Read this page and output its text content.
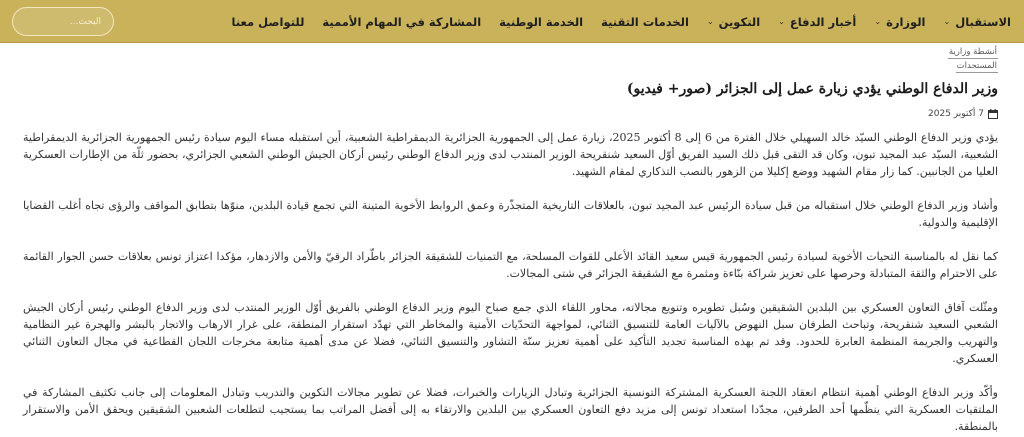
الاستقبال
⌄
الوزارة
⌄
أخبار الدفاع
⌄
التكوين
⌄
الخدمات التقنية
الخدمة الوطنية
المشاركة في المهام الأممية
للتواصل معنا
البحث...
أنشطة وزارية
المستجدات
وزير الدفاع الوطني يؤدي زيارة عمل إلى الجزائر (صور+ فيديو)
7 أكتوبر 2025

يؤدي وزير الدفاع الوطني السيّد خالد السهيلي خلال الفترة من 6 إلى 8 أكتوبر 2025، زيارة عمل إلى الجمهورية الجزائرية الديمقراطية الشعبية، أين استقبله مساء اليوم سيادة رئيس الجمهورية الجزائرية الديمقراطية الشعبية، السيّد عبد المجيد تبون، وكان قد التقى قبل ذلك السيد الفريق أوّل السعيد شنقريحة الوزير المنتدب لدى وزير الدفاع الوطني رئيس أركان الجيش الوطني الشعبي الجزائري، بحضور ثلّة من الإطارات العسكرية العليا من الجانبين. كما زار مقام الشهيد ووضع إكليلا من الزهور بالنصب التذكاري لمقام الشهيد.

وأشاد وزير الدفاع الوطني خلال استقباله من قبل سيادة الرئيس عبد المجيد تبون، بالعلاقات التاريخية المتجذّرة وعمق الروابط الأخوية المتينة التي تجمع قيادة البلدين، منوّها بتطابق المواقف والرؤى تجاه أغلب القضايا الإقليمية والدولية.

كما نقل له بالمناسبة التحيات الأخوية لسيادة رئيس الجمهورية قيس سعيد القائد الأعلى للقوات المسلحة، مع التمنيات للشقيقة الجزائر باطّراد الرقيّ والأمن والازدهار، مؤكدا اعتزاز تونس بعلاقات حسن الجوار القائمة على الاحترام والثقة المتبادلة وحرصها على تعزيز شراكة بنّاءة ومثمرة مع الشقيقة الجزائر في شتى المجالات.

ومثّلت آفاق التعاون العسكري بين البلدين الشقيقين وسُبل تطويره وتنويع مجالاته، محاور اللقاء الذي جمع صباح اليوم وزير الدفاع الوطني بالفريق أوّل الوزير المنتدب لدى وزير الدفاع الوطني رئيس أركان الجيش الشعبي السعيد شنقريحة، وتباحث الطرفان سبل النهوض بالآليات العامة للتنسيق الثنائي، لمواجهة التحدّيات الأمنية والمخاطر التي تهدّد استقرار المنطقة، على غرار الارهاب والاتجار بالبشر والهجرة غير النظامية والتهريب والجريمة المنظمة العابرة للحدود. وقد تم بهذه المناسبة تجديد التأكيد على أهمية تعزيز سنّة التشاور والتنسيق الثنائي، فضلا عن مدى أهمية متابعة مخرجات اللجان القطاعية في مجال التعاون الثنائي العسكري.

وأكّد وزير الدفاع الوطني أهمية انتظام انعقاد اللجنة العسكرية المشتركة التونسية الجزائرية وتبادل الزيارات والخبرات، فضلا عن تطوير مجالات التكوين والتدريب وتبادل المعلومات إلى جانب تكثيف المشاركة في الملتقيات العسكرية التي ينظّمها أحد الطرفين، مجدّدا استعداد تونس إلى مزيد دفع التعاون العسكري بين البلدين والارتقاء به إلى أفضل المراتب بما يستجيب لتطلعات الشعبين الشقيقين ويحقق الأمن والاستقرار بالمنطقة.
